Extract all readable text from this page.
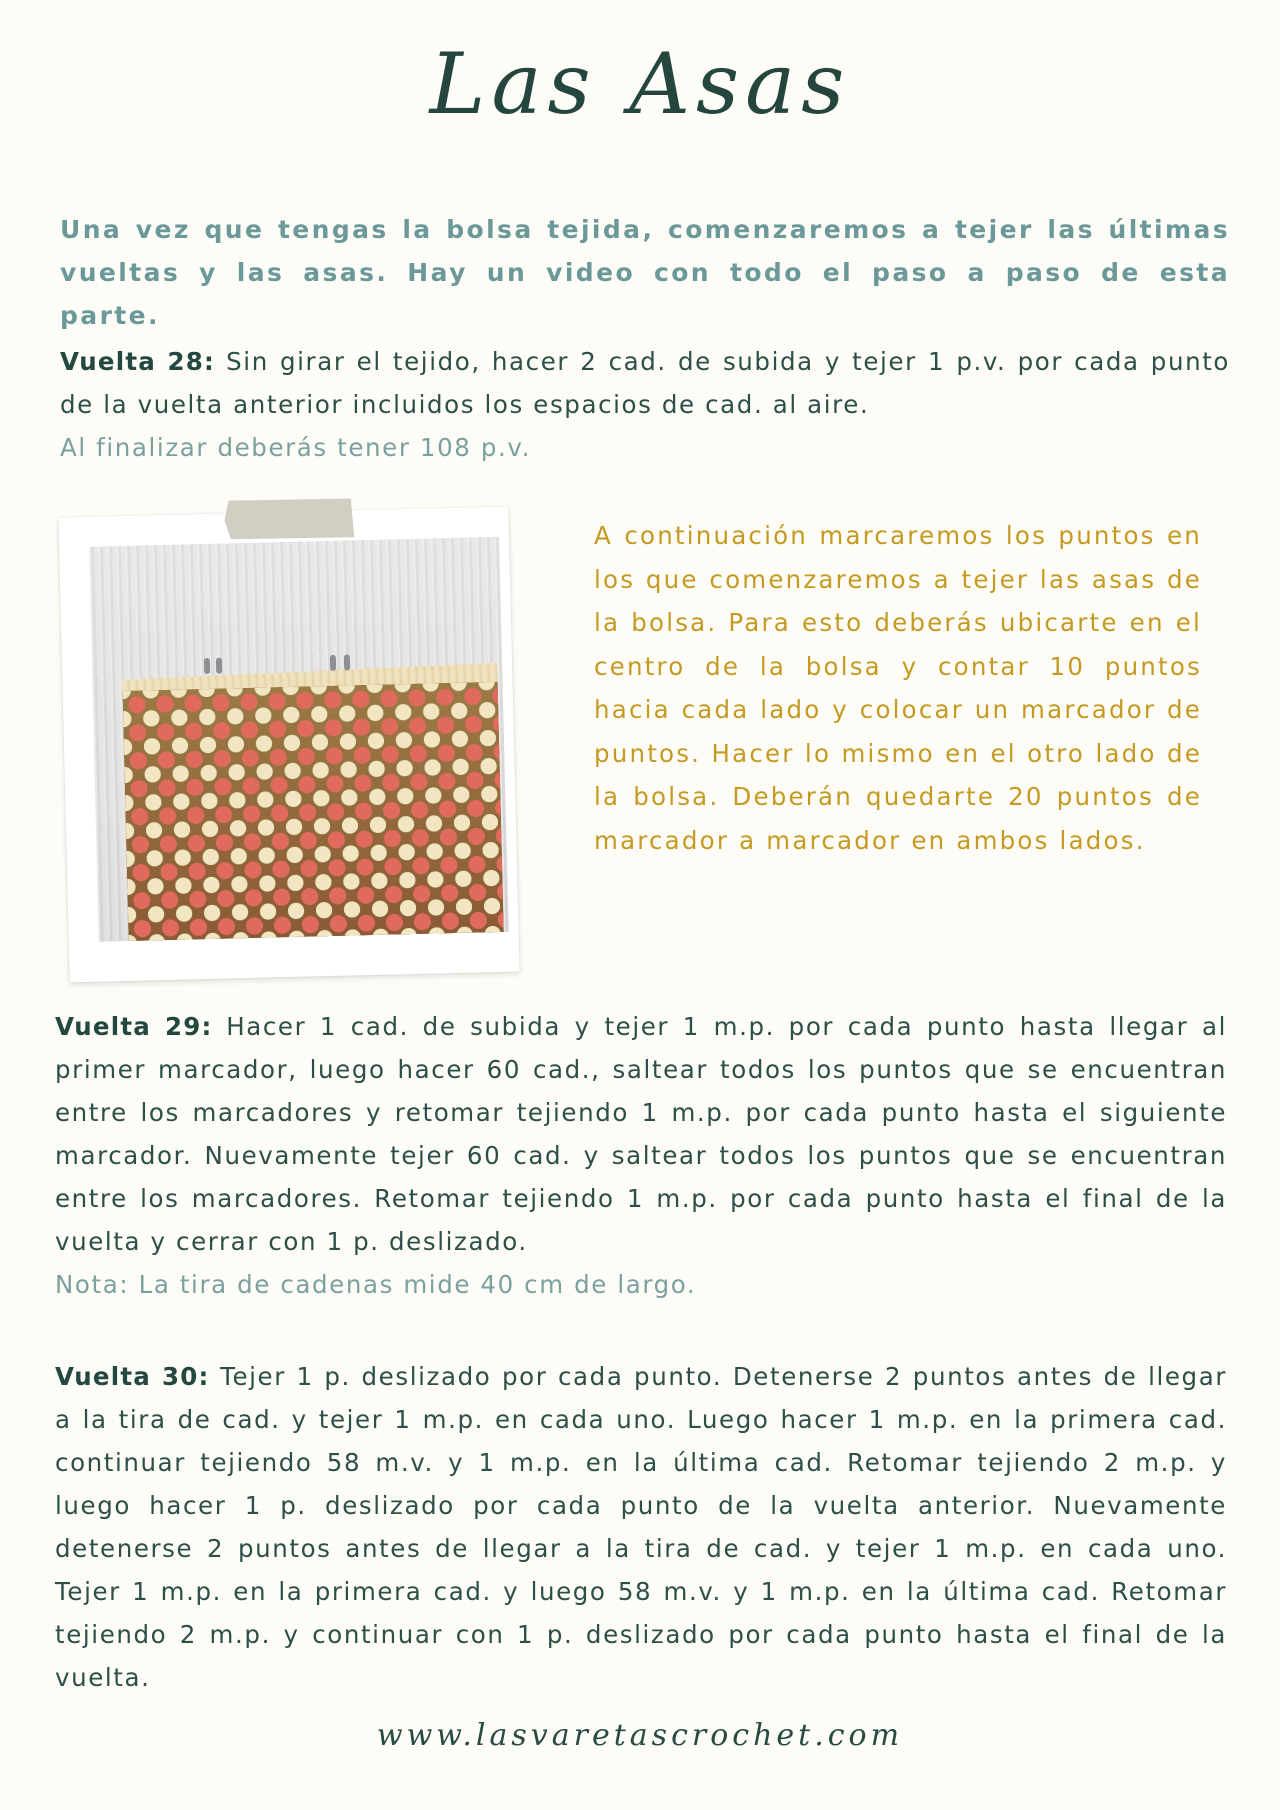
Las Asas
Una vez que tengas la bolsa tejida, comenzaremos a tejer las últimas vueltas y las asas. Hay un video con todo el paso a paso de esta parte.
Vuelta 28: Sin girar el tejido, hacer 2 cad. de subida y tejer 1 p.v. por cada punto de la vuelta anterior incluidos los espacios de cad. al aire.
Al finalizar deberás tener 108 p.v.
A continuación marcaremos los puntos en los que comenzaremos a tejer las asas de la bolsa. Para esto deberás ubicarte en el centro de la bolsa y contar 10 puntos hacia cada lado y colocar un marcador de puntos. Hacer lo mismo en el otro lado de la bolsa. Deberán quedarte 20 puntos de marcador a marcador en ambos lados.
Vuelta 29: Hacer 1 cad. de subida y tejer 1 m.p. por cada punto hasta llegar al primer marcador, luego hacer 60 cad., saltear todos los puntos que se encuentran entre los marcadores y retomar tejiendo 1 m.p. por cada punto hasta el siguiente marcador. Nuevamente tejer 60 cad. y saltear todos los puntos que se encuentran entre los marcadores. Retomar tejiendo 1 m.p. por cada punto hasta el final de la vuelta y cerrar con 1 p. deslizado.
Nota: La tira de cadenas mide 40 cm de largo.
Vuelta 30: Tejer 1 p. deslizado por cada punto. Detenerse 2 puntos antes de llegar a la tira de cad. y tejer 1 m.p. en cada uno. Luego hacer 1 m.p. en la primera cad. continuar tejiendo 58 m.v. y 1 m.p. en la última cad. Retomar tejiendo 2 m.p. y luego hacer 1 p. deslizado por cada punto de la vuelta anterior. Nuevamente detenerse 2 puntos antes de llegar a la tira de cad. y tejer 1 m.p. en cada uno. Tejer 1 m.p. en la primera cad. y luego 58 m.v. y 1 m.p. en la última cad. Retomar tejiendo 2 m.p. y continuar con 1 p. deslizado por cada punto hasta el final de la vuelta.
www.lasvaretascrochet.com
